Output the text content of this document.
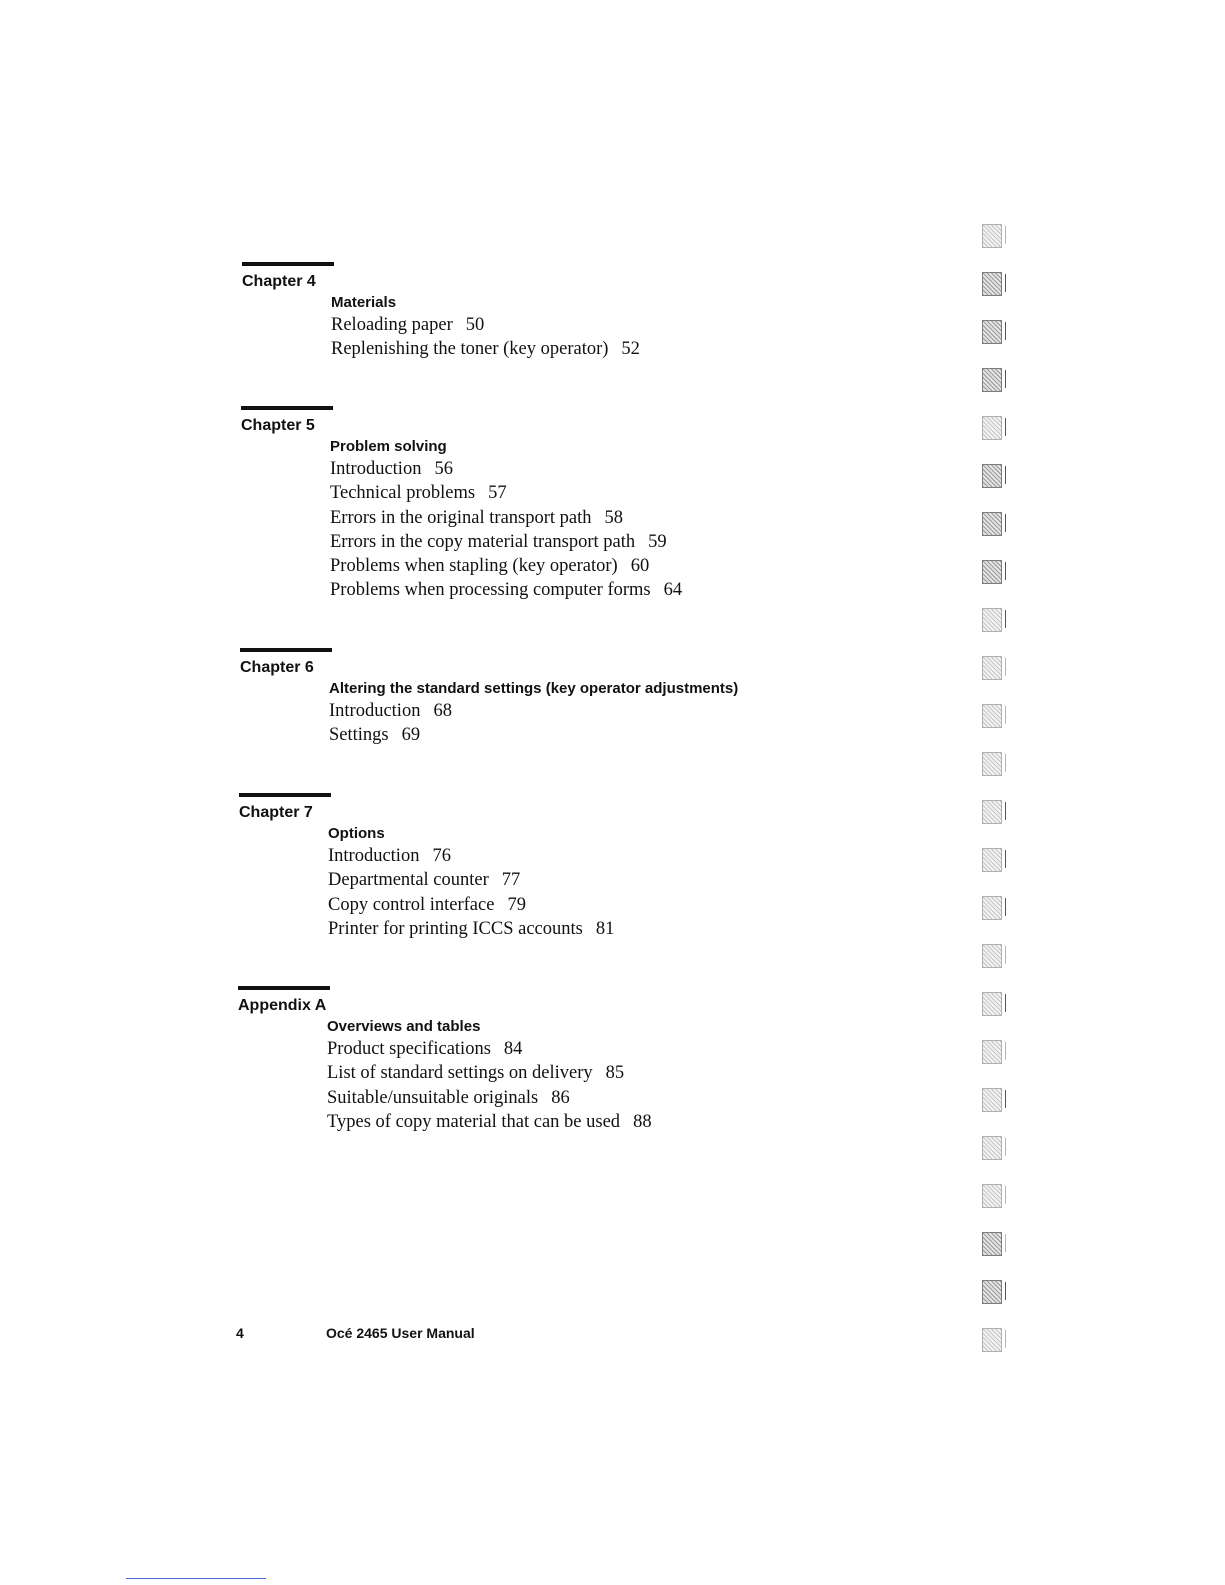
Chapter 4
Materials
Reloading paper 50
Replenishing the toner (key operator) 52
Chapter 5
Problem solving
Introduction 56
Technical problems 57
Errors in the original transport path 58
Errors in the copy material transport path 59
Problems when stapling (key operator) 60
Problems when processing computer forms 64
Chapter 6
Altering the standard settings (key operator adjustments)
Introduction 68
Settings 69
Chapter 7
Options
Introduction 76
Departmental counter 77
Copy control interface 79
Printer for printing ICCS accounts 81
Appendix A
Overviews and tables
Product specifications 84
List of standard settings on delivery 85
Suitable/unsuitable originals 86
Types of copy material that can be used 88
4	Océ 2465 User Manual
